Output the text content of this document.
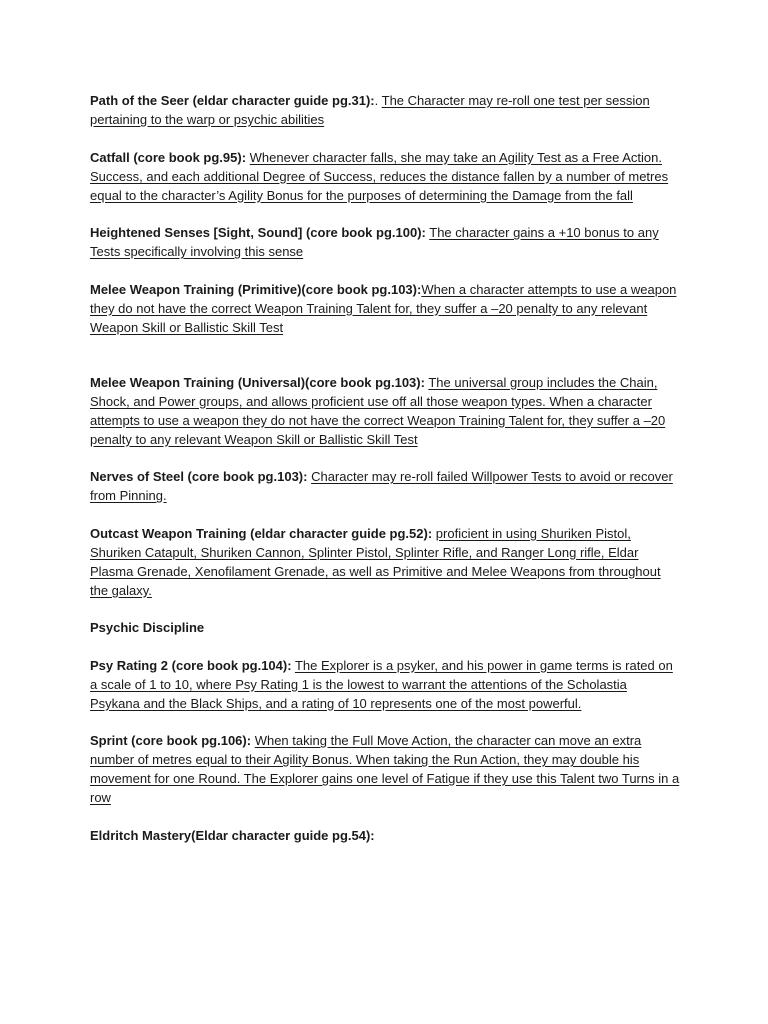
Path of the Seer (eldar character guide pg.31):. The Character may re-roll one test per session pertaining to the warp or psychic abilities

Catfall (core book pg.95): Whenever character falls, she may take an Agility Test as a Free Action. Success, and each additional Degree of Success, reduces the distance fallen by a number of metres equal to the character’s Agility Bonus for the purposes of determining the Damage from the fall

Heightened Senses [Sight, Sound] (core book pg.100): The character gains a +10 bonus to any Tests specifically involving this sense

Melee Weapon Training (Primitive)(core book pg.103):When a character attempts to use a weapon they do not have the correct Weapon Training Talent for, they suffer a –20 penalty to any relevant Weapon Skill or Ballistic Skill Test

Melee Weapon Training (Universal)(core book pg.103): The universal group includes the Chain, Shock, and Power groups, and allows proficient use off all those weapon types. When a character attempts to use a weapon they do not have the correct Weapon Training Talent for, they suffer a –20 penalty to any relevant Weapon Skill or Ballistic Skill Test

Nerves of Steel (core book pg.103): Character may re-roll failed Willpower Tests to avoid or recover from Pinning.

Outcast Weapon Training (eldar character guide pg.52): proficient in using Shuriken Pistol, Shuriken Catapult, Shuriken Cannon, Splinter Pistol, Splinter Rifle, and Ranger Long rifle, Eldar Plasma Grenade, Xenofilament Grenade, as well as Primitive and Melee Weapons from throughout the galaxy.

Psychic Discipline

Psy Rating 2 (core book pg.104): The Explorer is a psyker, and his power in game terms is rated on a scale of 1 to 10, where Psy Rating 1 is the lowest to warrant the attentions of the Scholastia Psykana and the Black Ships, and a rating of 10 represents one of the most powerful.

Sprint (core book pg.106): When taking the Full Move Action, the character can move an extra number of metres equal to their Agility Bonus. When taking the Run Action, they may double his movement for one Round. The Explorer gains one level of Fatigue if they use this Talent two Turns in a row

Eldritch Mastery(Eldar character guide pg.54):
